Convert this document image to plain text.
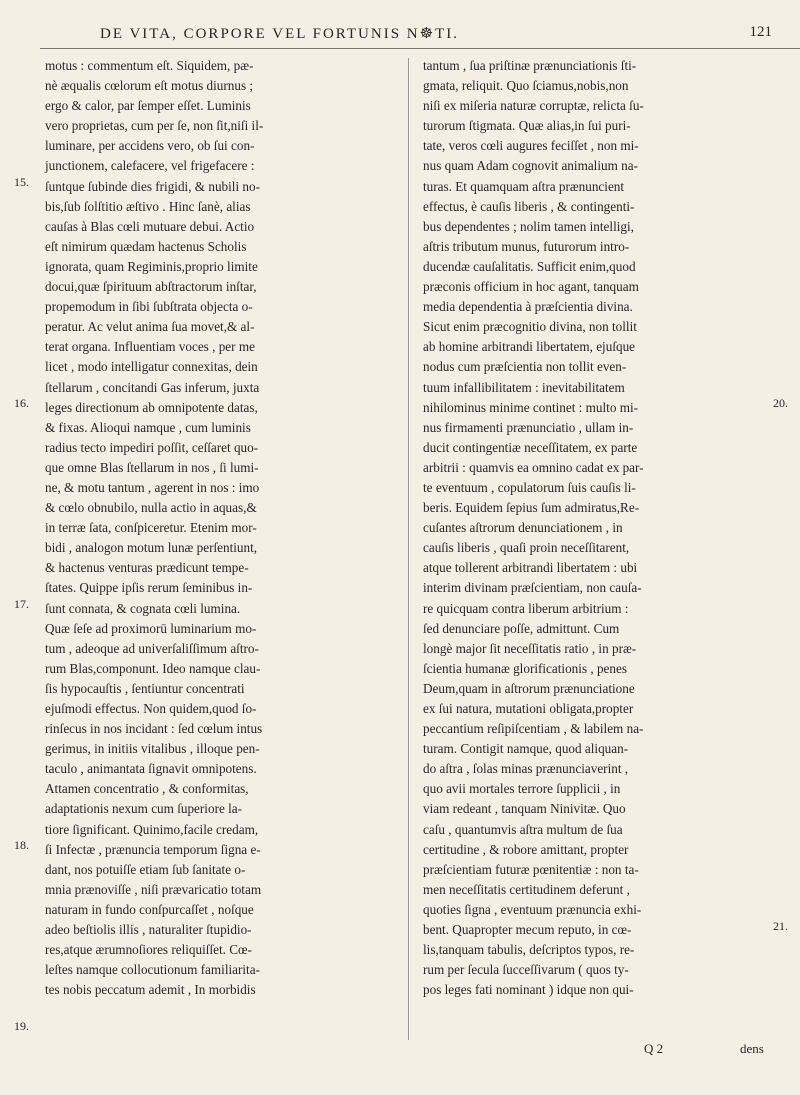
DE VITA, CORPORE VEL FORTUNIS N☸TI.	121
motus : commentum eſt. Siquidem, pæ-
nè æqualis cœlorum eſt motus diurnus ;
ergo & calor, par ſemper eſſet. Luminis
vero proprietas, cum per ſe, non ſit,niſi il-
luminare, per accidens vero, ob ſui con-
junctionem, calefacere, vel frigefacere :
ſuntque ſubinde dies frigidi, & nubili no-
bis,ſub ſolſtitio æſtivo . Hinc ſanè, alias
cauſas à Blas cœli mutuare debui. Actio
eſt nimirum quædam hactenus Scholis
ignorata, quam Regiminis,proprio limite
docui,quæ ſpirituum abſtractorum inſtar,
propemodum in ſibi ſubſtrata objecta o-
peratur. Ac velut anima ſua movet,& al-
terat organa. Influentiam voces , per me
licet , modo intelligatur connexitas, dein
ſtellarum , concitandi Gas inferum, juxta
leges directionum ab omnipotente datas,
& fixas. Alioqui namque , cum luminis
radius tecto impediri poſſit, ceſſaret quo-
que omne Blas ſtellarum in nos , ſi lumi-
ne, & motu tantum , agerent in nos : imo
& cœlo obnubilo, nulla actio in aquas,&
in terræ ſata, conſpiceretur. Etenim mor-
bidi , analogon motum lunæ perſentiunt,
& hactenus venturas prædicunt tempe-
ſtates. Quippe ipſis rerum ſeminibus in-
ſunt connata, & cognata cœli lumina.
Quæ ſeſe ad proximorū luminarium mo-
tum , adeoque ad univerſaliſſimum aſtro-
rum Blas,componunt. Ideo namque clau-
ſis hypocauſtis , ſentiuntur concentrati
ejuſmodi effectus. Non quidem,quod ſo-
rinſecus in nos incidant : ſed cœlum intus
gerimus, in initiis vitalibus , illoque pen-
taculo , animantata ſignavit omnipotens.
Attamen concentratio , & conformitas,
adaptationis nexum cum ſuperiore la-
tiore ſignificant. Quinimo,facile credam,
ſi Infectæ , prænuncia temporum ſigna e-
dant, nos potuiſſe etiam ſub ſanitate o-
mnia prænoviſſe , niſi prævaricatio totam
naturam in fundo conſpurcaſſet , noſque
adeo beſtiolis illis , naturaliter ſtupidio-
res,atque ærumnoſiores reliquiſſet. Cœ-
leſtes namque collocutionum familiarita-
tes nobis peccatum ademit , In morbidis
tantum , ſua priſtinæ prænunciationis ſti-
gmata, reliquit. Quo ſciamus,nobis,non
niſi ex miſeria naturæ corruptæ, relicta ſu-
turorum ſtigmata. Quæ alias,in ſui puri-
tate, veros cœli augures feciſſet , non mi-
nus quam Adam cognovit animalium na-
turas. Et quamquam aſtra prænuncient
effectus, è cauſis liberis , & contingenti-
bus dependentes ; nolim tamen intelligi,
aſtris tributum munus, futurorum intro-
ducendæ cauſalitatis. Sufficit enim,quod
præconis officium in hoc agant, tanquam
media dependentia à præſcientia divina.
Sicut enim præcognitio divina, non tollit
ab homine arbitrandi libertatem, ejuſque
nodus cum præſcientia non tollit even-
tuum infallibilitatem : inevitabilitatem
nihilominus minime continet : multo mi-
nus firmamenti prænunciatio , ullam in-
ducit contingentiæ neceſſitatem, ex parte
arbitrii : quamvis ea omnino cadat ex par-
te eventuum , copulatorum ſuis cauſis li-
beris. Equidem ſepius ſum admiratus,Re-
cuſantes aſtrorum denunciationem , in
cauſis liberis , quaſi proin neceſſitarent,
atque tollerent arbitrandi libertatem : ubi
interim divinam præſcientiam, non cauſa-
re quicquam contra liberum arbitrium :
ſed denunciare poſſe, admittunt. Cum
longè major ſit neceſſitatis ratio , in præ-
ſcientia humanæ glorificationis , penes
Deum,quam in aſtrorum prænunciatione
ex ſui natura, mutationi obligata,propter
peccantium reſipiſcentiam , & labilem na-
turam. Contigit namque, quod aliquan-
do aſtra , ſolas minas prænunciaverint ,
quo avii mortales terrore ſupplicii , in
viam redeant , tanquam Ninivitæ. Quo
caſu , quantumvis aſtra multum de ſua
certitudine , & robore amittant, propter
præſcientiam futuræ pœnitentiæ : non ta-
men neceſſitatis certitudinem deferunt ,
quoties ſigna , eventuum prænuncia exhi-
bent. Quapropter mecum reputo, in cœ-
lis,tanquam tabulis, deſcriptos typos, re-
rum per ſecula ſucceſſivarum ( quos ty-
pos leges fati nominant ) idque non qui-
15.
16.
17.
18.
19.
20.
21.
Q 2	dens
